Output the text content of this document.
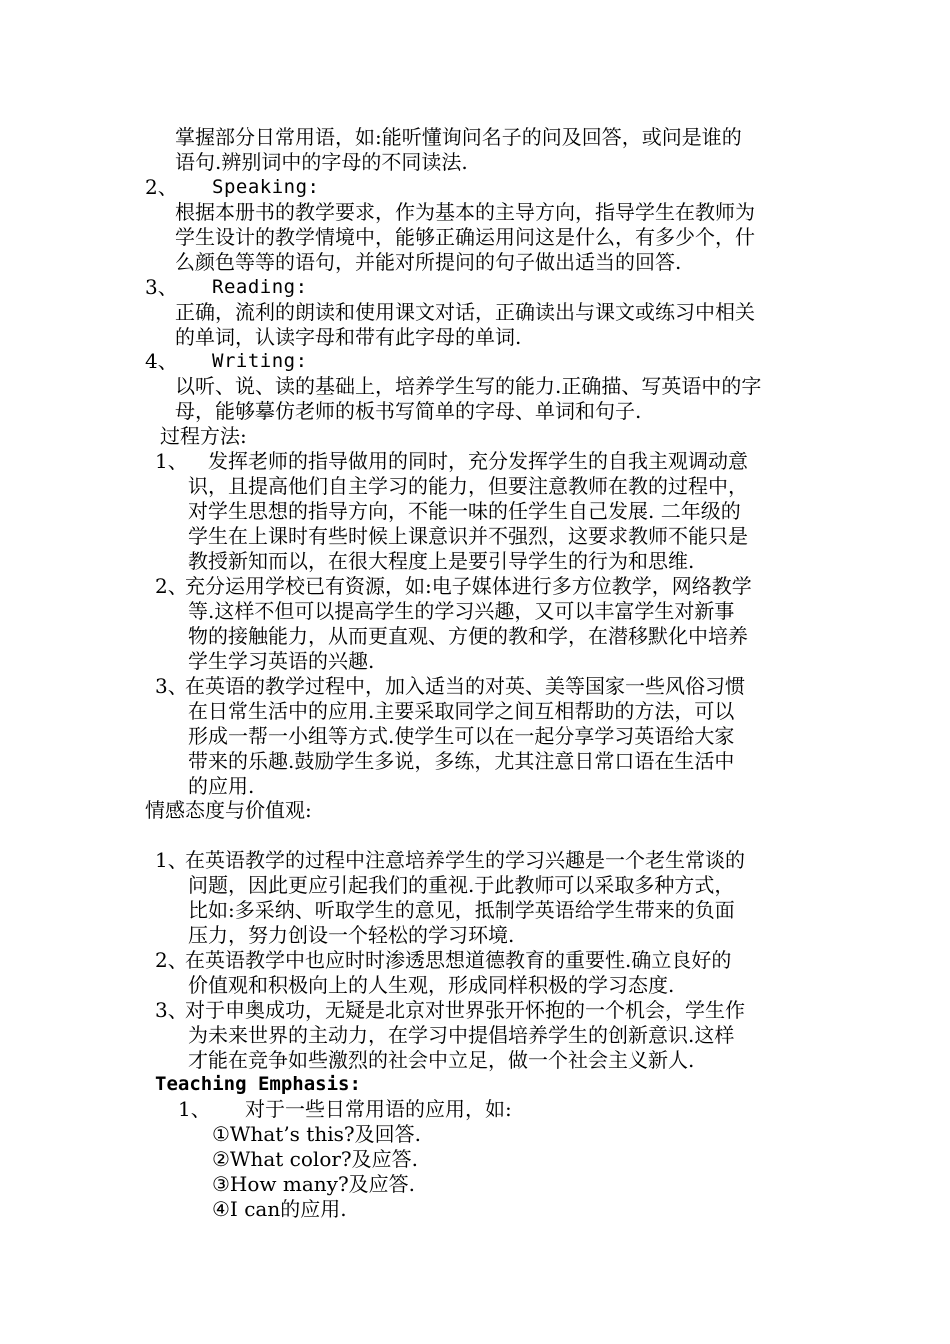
掌握部分日常用语，如:能听懂询问名子的问及回答，或问是谁的
语句.辨别词中的字母的不同读法.
2、 Speaking:
根据本册书的教学要求，作为基本的主导方向，指导学生在教师为
学生设计的教学情境中，能够正确运用问这是什么，有多少个，什
么颜色等等的语句，并能对所提问的句子做出适当的回答.
3、 Reading:
正确，流利的朗读和使用课文对话，正确读出与课文或练习中相关
的单词，认读字母和带有此字母的单词.
4、 Writing:
以听、说、读的基础上，培养学生写的能力.正确描、写英语中的字
母，能够摹仿老师的板书写简单的字母、单词和句子.
过程方法:
1、 发挥老师的指导做用的同时，充分发挥学生的自我主观调动意
识，且提高他们自主学习的能力，但要注意教师在教的过程中，
对学生思想的指导方向，不能一味的任学生自己发展. 二年级的
学生在上课时有些时候上课意识并不强烈，这要求教师不能只是
教授新知而以，在很大程度上是要引导学生的行为和思维.
2、
充分运用学校已有资源，如:电子媒体进行多方位教学，网络教学
等.这样不但可以提高学生的学习兴趣，又可以丰富学生对新事
物的接触能力，从而更直观、方便的教和学，在潜移默化中培养
学生学习英语的兴趣.
3、
在英语的教学过程中，加入适当的对英、美等国家一些风俗习惯
在日常生活中的应用.主要采取同学之间互相帮助的方法，可以
形成一帮一小组等方式.使学生可以在一起分享学习英语给大家
带来的乐趣.鼓励学生多说，多练，尤其注意日常口语在生活中
的应用.
情感态度与价值观:
1、
在英语教学的过程中注意培养学生的学习兴趣是一个老生常谈的
问题，因此更应引起我们的重视.于此教师可以采取多种方式，
比如:多采纳、听取学生的意见，抵制学英语给学生带来的负面
压力，努力创设一个轻松的学习环境.
2、
在英语教学中也应时时渗透思想道德教育的重要性.确立良好的
价值观和积极向上的人生观，形成同样积极的学习态度.
3、
对于申奥成功，无疑是北京对世界张开怀抱的一个机会，学生作
为未来世界的主动力，在学习中提倡培养学生的创新意识.这样
才能在竞争如些激烈的社会中立足，做一个社会主义新人.
Teaching Emphasis:
1、 对于一些日常用语的应用，如:
①What’s this?及回答.
②What color?及应答.
③How many?及应答.
④I can的应用.
